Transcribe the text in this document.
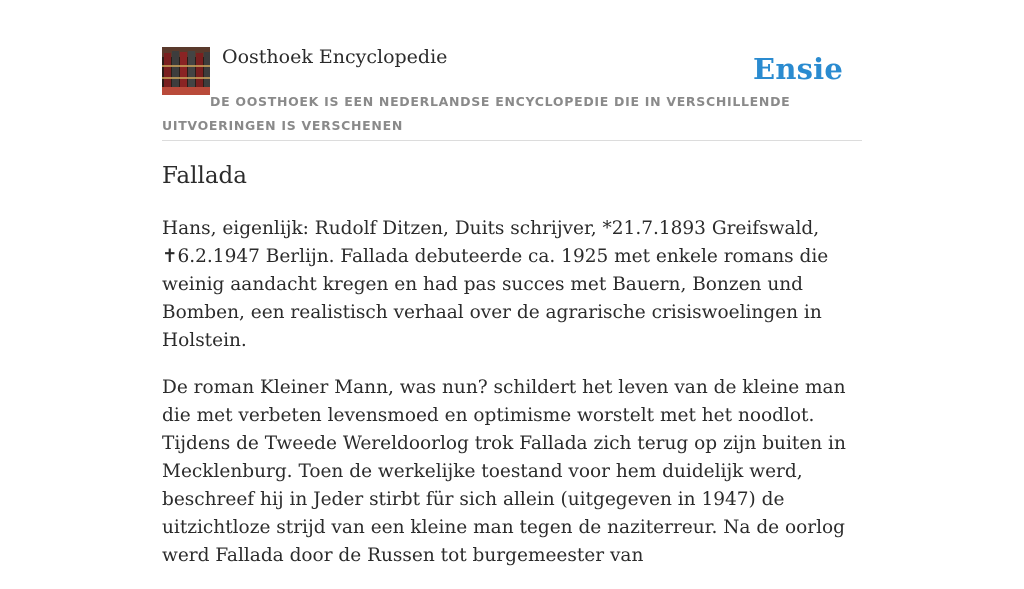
Oosthoek Encyclopedie	Ensie
DE OOSTHOEK IS EEN NEDERLANDSE ENCYCLOPEDIE DIE IN VERSCHILLENDE UITVOERINGEN IS VERSCHENEN
Fallada

Hans, eigenlijk: Rudolf Ditzen, Duits schrijver, *21.7.1893 Greifswald, ✝6.2.1947 Berlijn. Fallada debuteerde ca. 1925 met enkele romans die weinig aandacht kregen en had pas succes met Bauern, Bonzen und Bomben, een realistisch verhaal over de agrarische crisiswoelingen in Holstein.

De roman Kleiner Mann, was nun? schildert het leven van de kleine man die met verbeten levensmoed en optimisme worstelt met het noodlot. Tijdens de Tweede Wereldoorlog trok Fallada zich terug op zijn buiten in Mecklenburg. Toen de werkelijke toestand voor hem duidelijk werd, beschreef hij in Jeder stirbt für sich allein (uitgegeven in 1947) de uitzichtloze strijd van een kleine man tegen de naziterreur. Na de oorlog werd Fallada door de Russen tot burgemeester van
